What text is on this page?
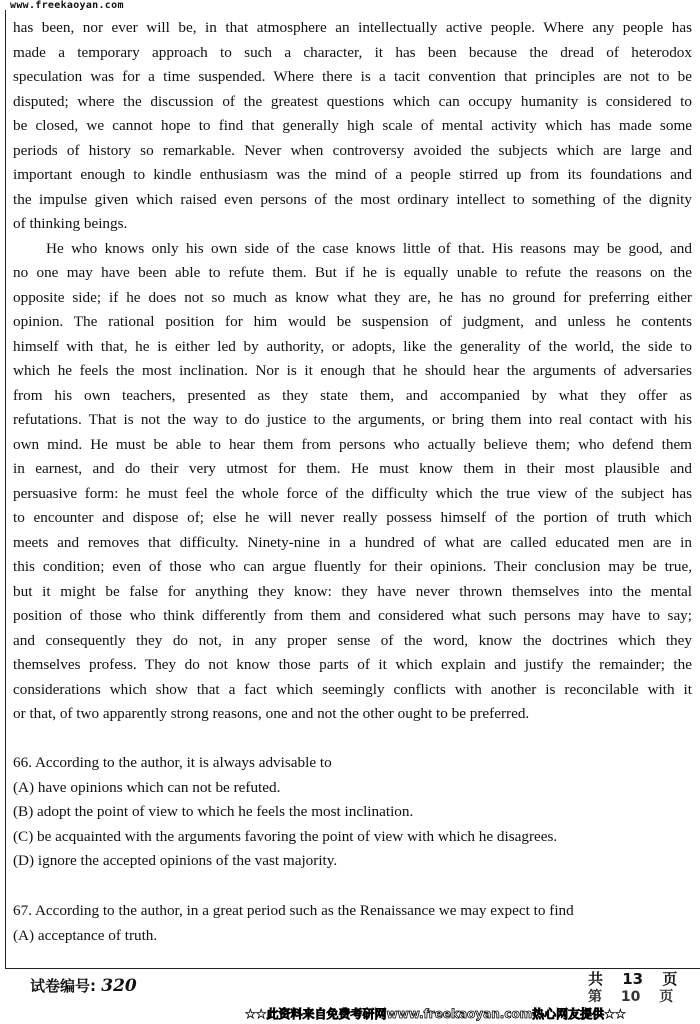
www.freekaoyan.com
has been, nor ever will be, in that atmosphere an intellectually active people. Where any people has
made a temporary approach to such a character, it has been because the dread of heterodox
speculation was for a time suspended. Where there is a tacit convention that principles are not to be
disputed; where the discussion of the greatest questions which can occupy humanity is considered to
be closed, we cannot hope to find that generally high scale of mental activity which has made some
periods of history so remarkable. Never when controversy avoided the subjects which are large and
important enough to kindle enthusiasm was the mind of a people stirred up from its foundations and
the impulse given which raised even persons of the most ordinary intellect to something of the dignity
of thinking beings.
He who knows only his own side of the case knows little of that. His reasons may be good, and
no one may have been able to refute them. But if he is equally unable to refute the reasons on the
opposite side; if he does not so much as know what they are, he has no ground for preferring either
opinion. The rational position for him would be suspension of judgment, and unless he contents
himself with that, he is either led by authority, or adopts, like the generality of the world, the side to
which he feels the most inclination. Nor is it enough that he should hear the arguments of adversaries
from his own teachers, presented as they state them, and accompanied by what they offer as
refutations. That is not the way to do justice to the arguments, or bring them into real contact with his
own mind. He must be able to hear them from persons who actually believe them; who defend them
in earnest, and do their very utmost for them. He must know them in their most plausible and
persuasive form: he must feel the whole force of the difficulty which the true view of the subject has
to encounter and dispose of; else he will never really possess himself of the portion of truth which
meets and removes that difficulty. Ninety-nine in a hundred of what are called educated men are in
this condition; even of those who can argue fluently for their opinions. Their conclusion may be true,
but it might be false for anything they know: they have never thrown themselves into the mental
position of those who think differently from them and considered what such persons may have to say;
and consequently they do not, in any proper sense of the word, know the doctrines which they
themselves profess. They do not know those parts of it which explain and justify the remainder; the
considerations which show that a fact which seemingly conflicts with another is reconcilable with it
or that, of two apparently strong reasons, one and not the other ought to be preferred.
66. According to the author, it is always advisable to
(A) have opinions which can not be refuted.
(B) adopt the point of view to which he feels the most inclination.
(C) be acquainted with the arguments favoring the point of view with which he disagrees.
(D) ignore the accepted opinions of the vast majority.
67. According to the author, in a great period such as the Renaissance we may expect to find
(A) acceptance of truth.
试卷编号: 320	共 13 页
第 10 页
★★此资料来自免费考研网www.freekaoyan.com热心网友提供★★
